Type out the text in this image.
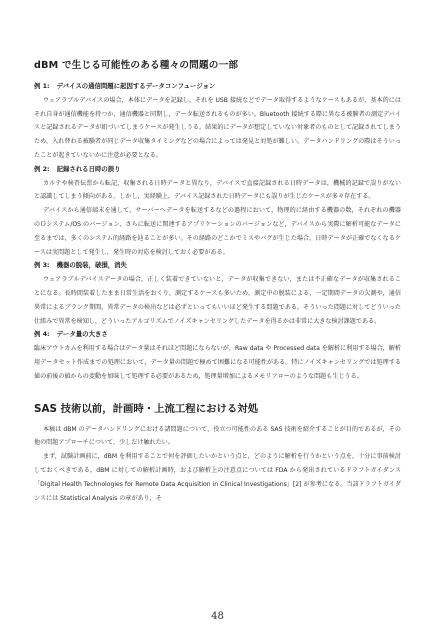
dBM で生じる可能性のある種々の問題の一部
例 1: デバイスの通信問題に起因するデータコンフュージョン

ウェアラブルデバイスの場合，本体にデータを記録し，それを USB 接続などでデータ取得するようなケースもあるが，基本的にはそれ自身が通信機能を持つか，通信機器と同期し，データ転送されるものが多い。Bluetooth 接続する際に異なる被験者の測定デバイスと記録されるデータが紐づいてしまうケースが発生しうる。結果的にデータが想定していない対象者のものとして記録されてしまうため，入れ替わる被験者が同じデータ収集タイミングなどの場合によっては発見と対処が難しい。データハンドリングの際はそういったことが起きていないかに注意が必要となる。

例 2: 記録される日時の誤り

カルテや検査伝票から転記，収集される日時データと異なり，デバイスで直接記録される日時データは，機械的記録で誤りがないと認識してしまう傾向がある。しかし，実経験上，デバイス記録された日時データにも誤りが生じたケースが多々存在する。

デバイスから通信端末を通して，サーバーへデータを転送するなどの過程において，物理的に経由する機器の数，それぞれの機器のＯシステム/OS のバージョン，さらに転送に関連するアプリケーションのバージョンなど，デバイスから実際に解析可能なデータに至るまでは，多くのシステム的経路を辿ることが多い。その経路のどこかでミスやバグが生じた場合，日時データが正確でなくなるケースは実問題として発生し，発生時の対応を検討しておく必要がある。

例 3: 機器の脱装，破損，消失

ウェアラブルデバイスデータの場合，正しく装着できていないと，データが収集できない，または不正確なデータが収集されることになる。長時間装着したまま日常生活をおくり，測定するケースも多いため，測定中の脱装による，一定期間データの欠測や，通信異常によるブランク期間，異常データの検出などは必ずといってもいいほど発生する問題である。そういった問題に対してどういった仕組みで異常を検知し，どういったアルゴリズムでノイズキャンセリングしたデータを得るかは非常に大きな検討課題である。

例 4: データ量の大きさ

臨床アウトカムを利用する場合はデータ量はそれほど問題にならないが，Raw data や Processed data を解析に利用する場合，解析用データセット作成までの処理において，データ量の問題で極めて困難になる可能性がある。特にノイズキャンセリングでは処理する値の前後の値からの変動を加味して処理する必要があるため，処理量増加によるメモリフローのような問題も生じうる。

SAS 技術以前，計画時・上流工程における対処

本稿は dBM のデータハンドリングにおける諸問題について，役立つ可能性のある SAS 技術を紹介することが目的であるが，その他の問題アプローチについて，少しだけ触れたい。

まず，試験計画前に，dBM を利用することで何を評価したいかという点と，どのように解析を行うかという点を，十分に事前検討しておくべきである。dBM に対しての解析計画時，および解析上の注意点については FDA から発出されているドラフトガイダンス「Digital Health Technologies for Remote Data Acquisition in Clinical Investigations」[2] が参考になる。当該ドラフトガイダンスには Statistical Analysis の章があり，そ

48
